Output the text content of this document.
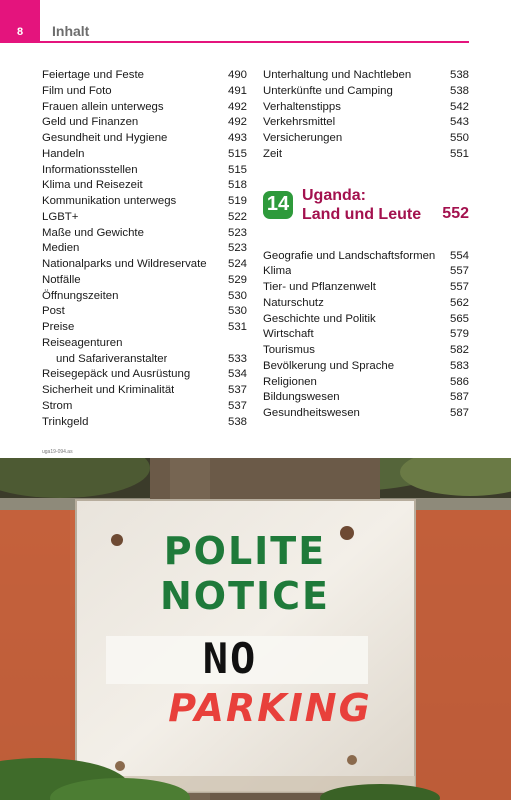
8	Inhalt
Feiertage und Feste	490
Film und Foto	491
Frauen allein unterwegs	492
Geld und Finanzen	492
Gesundheit und Hygiene	493
Handeln	515
Informationsstellen	515
Klima und Reisezeit	518
Kommunikation unterwegs	519
LGBT+	522
Maße und Gewichte	523
Medien	523
Nationalparks und Wildreservate 524
Notfälle	529
Öffnungszeiten	530
Post	530
Preise	531
Reiseagenturen
und Safariveranstalter	533
Reisegepäck und Ausrüstung	534
Sicherheit und Kriminalität	537
Strom	537
Trinkgeld	538
Unterhaltung und Nachtleben	538
Unterkünfte und Camping	538
Verhaltenstipps	542
Verkehrsmittel	543
Versicherungen	550
Zeit	551
14 Uganda:
Land und Leute 552
Geografie und Landschaftsformen 554
Klima	557
Tier- und Pflanzenwelt	557
Naturschutz	562
Geschichte und Politik	565
Wirtschaft	579
Tourismus	582
Bevölkerung und Sprache	583
Religionen	586
Bildungswesen	587
Gesundheitswesen	587
uga19-094.as
POLITE
NOTICE
NO
PARKING
